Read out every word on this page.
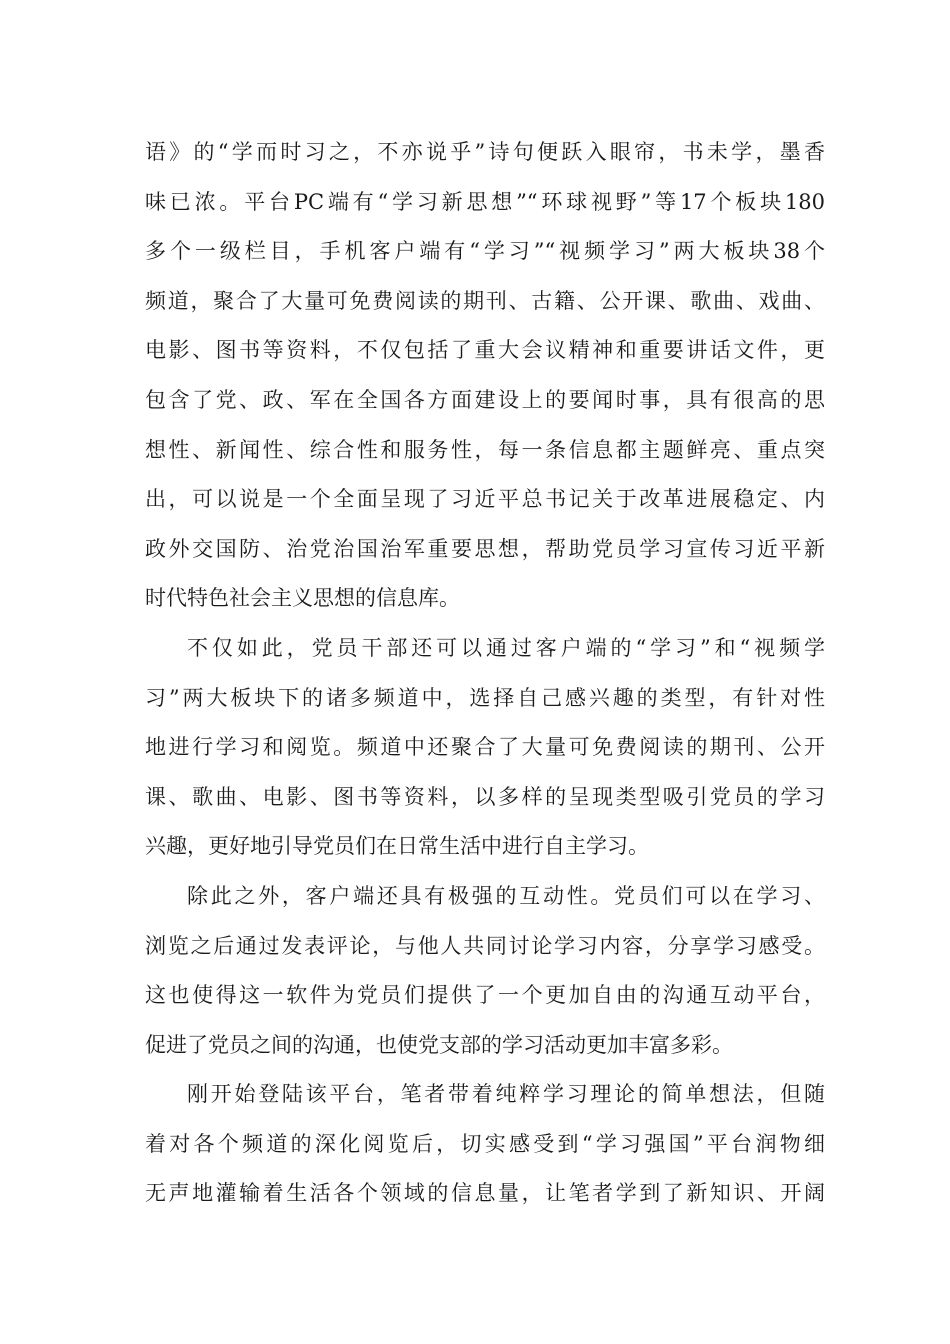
语》的“学而时习之，不亦说乎”诗句便跃入眼帘，书未学，墨香
味已浓。平台PC端有“学习新思想”“环球视野”等17个板块180
多个一级栏目，手机客户端有“学习”“视频学习”两大板块38个
频道，聚合了大量可免费阅读的期刊、古籍、公开课、歌曲、戏曲、
电影、图书等资料，不仅包括了重大会议精神和重要讲话文件，更
包含了党、政、军在全国各方面建设上的要闻时事，具有很高的思
想性、新闻性、综合性和服务性，每一条信息都主题鲜亮、重点突
出，可以说是一个全面呈现了习近平总书记关于改革进展稳定、内
政外交国防、治党治国治军重要思想，帮助党员学习宣传习近平新
时代特色社会主义思想的信息库。
不仅如此，党员干部还可以通过客户端的“学习”和“视频学
习”两大板块下的诸多频道中，选择自己感兴趣的类型，有针对性
地进行学习和阅览。频道中还聚合了大量可免费阅读的期刊、公开
课、歌曲、电影、图书等资料，以多样的呈现类型吸引党员的学习
兴趣，更好地引导党员们在日常生活中进行自主学习。
除此之外，客户端还具有极强的互动性。党员们可以在学习、
浏览之后通过发表评论，与他人共同讨论学习内容，分享学习感受。
这也使得这一软件为党员们提供了一个更加自由的沟通互动平台，
促进了党员之间的沟通，也使党支部的学习活动更加丰富多彩。
刚开始登陆该平台，笔者带着纯粹学习理论的简单想法，但随
着对各个频道的深化阅览后，切实感受到“学习强国”平台润物细
无声地灌输着生活各个领域的信息量，让笔者学到了新知识、开阔
